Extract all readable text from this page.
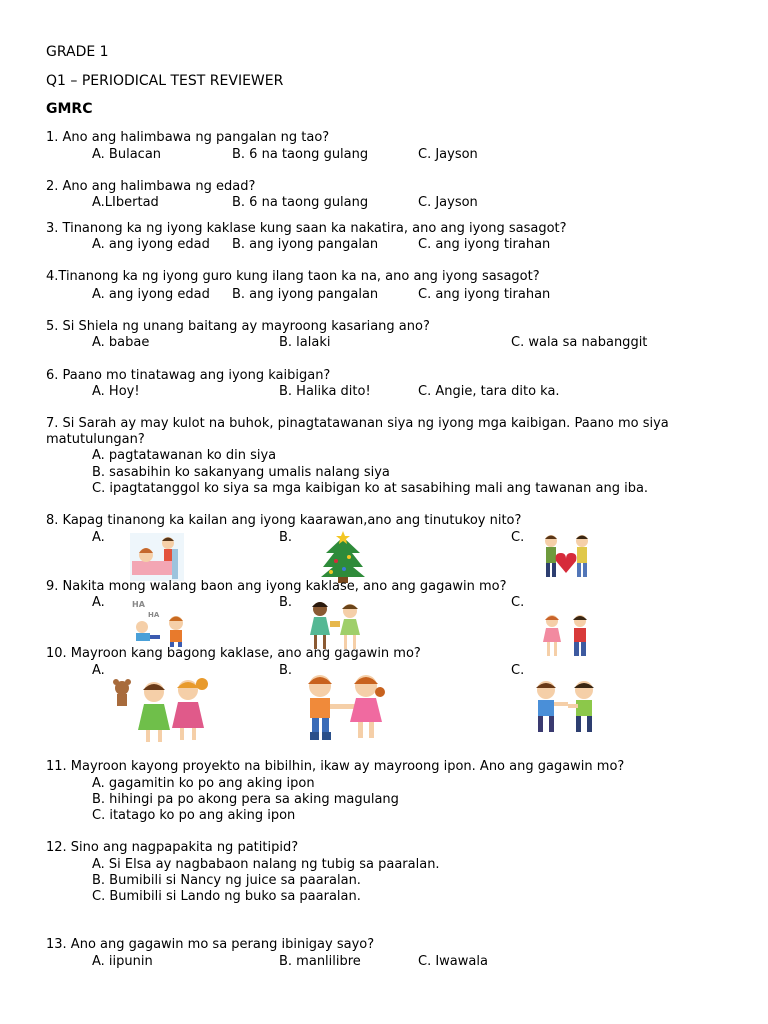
GRADE 1
Q1 – PERIODICAL TEST REVIEWER
GMRC
1. Ano ang halimbawa ng pangalan ng tao?
A. Bulacan	B. 6 na taong gulang	C. Jayson
2. Ano ang halimbawa ng edad?
A.LIbertad	B. 6 na taong gulang	C. Jayson
3. Tinanong ka ng iyong kaklase kung saan ka nakatira, ano ang iyong sasagot?
A. ang iyong edad B. ang iyong pangalan	C. ang iyong tirahan
4.Tinanong ka ng iyong guro kung ilang taon ka na, ano ang iyong sasagot?
A. ang iyong edad B. ang iyong pangalan	C. ang iyong tirahan
5. Si Shiela ng unang baitang ay mayroong kasariang ano?
A. babae	B. lalaki	C. wala sa nabanggit
6. Paano mo tinatawag ang iyong kaibigan?
A. Hoy!	B. Halika dito!	C. Angie, tara dito ka.
7. Si Sarah ay may kulot na buhok, pinagtatawanan siya ng iyong mga kaibigan. Paano mo siya
matutulungan?
A. pagtatawanan ko din siya
B. sasabihin ko sakanyang umalis nalang siya
C. ipagtatanggol ko siya sa mga kaibigan ko at sasabihing mali ang tawanan ang iba.
8. Kapag tinanong ka kailan ang iyong kaarawan,ano ang tinutukoy nito?
A.	B.	C.
9. Nakita mong walang baon ang iyong kaklase, ano ang gagawin mo?
A.	B.	C.
HA
HA
10. Mayroon kang bagong kaklase, ano ang gagawin mo?
A.	B.	C.
11. Mayroon kayong proyekto na bibilhin, ikaw ay mayroong ipon. Ano ang gagawin mo?
A. gagamitin ko po ang aking ipon
B. hihingi pa po akong pera sa aking magulang
C. itatago ko po ang aking ipon
12. Sino ang nagpapakita ng patitipid?
A. Si Elsa ay nagbabaon nalang ng tubig sa paaralan.
B. Bumibili si Nancy ng juice sa paaralan.
C. Bumibili si Lando ng buko sa paaralan.
13. Ano ang gagawin mo sa perang ibinigay sayo?
A. iipunin	B. manlilibre	C. Iwawala
